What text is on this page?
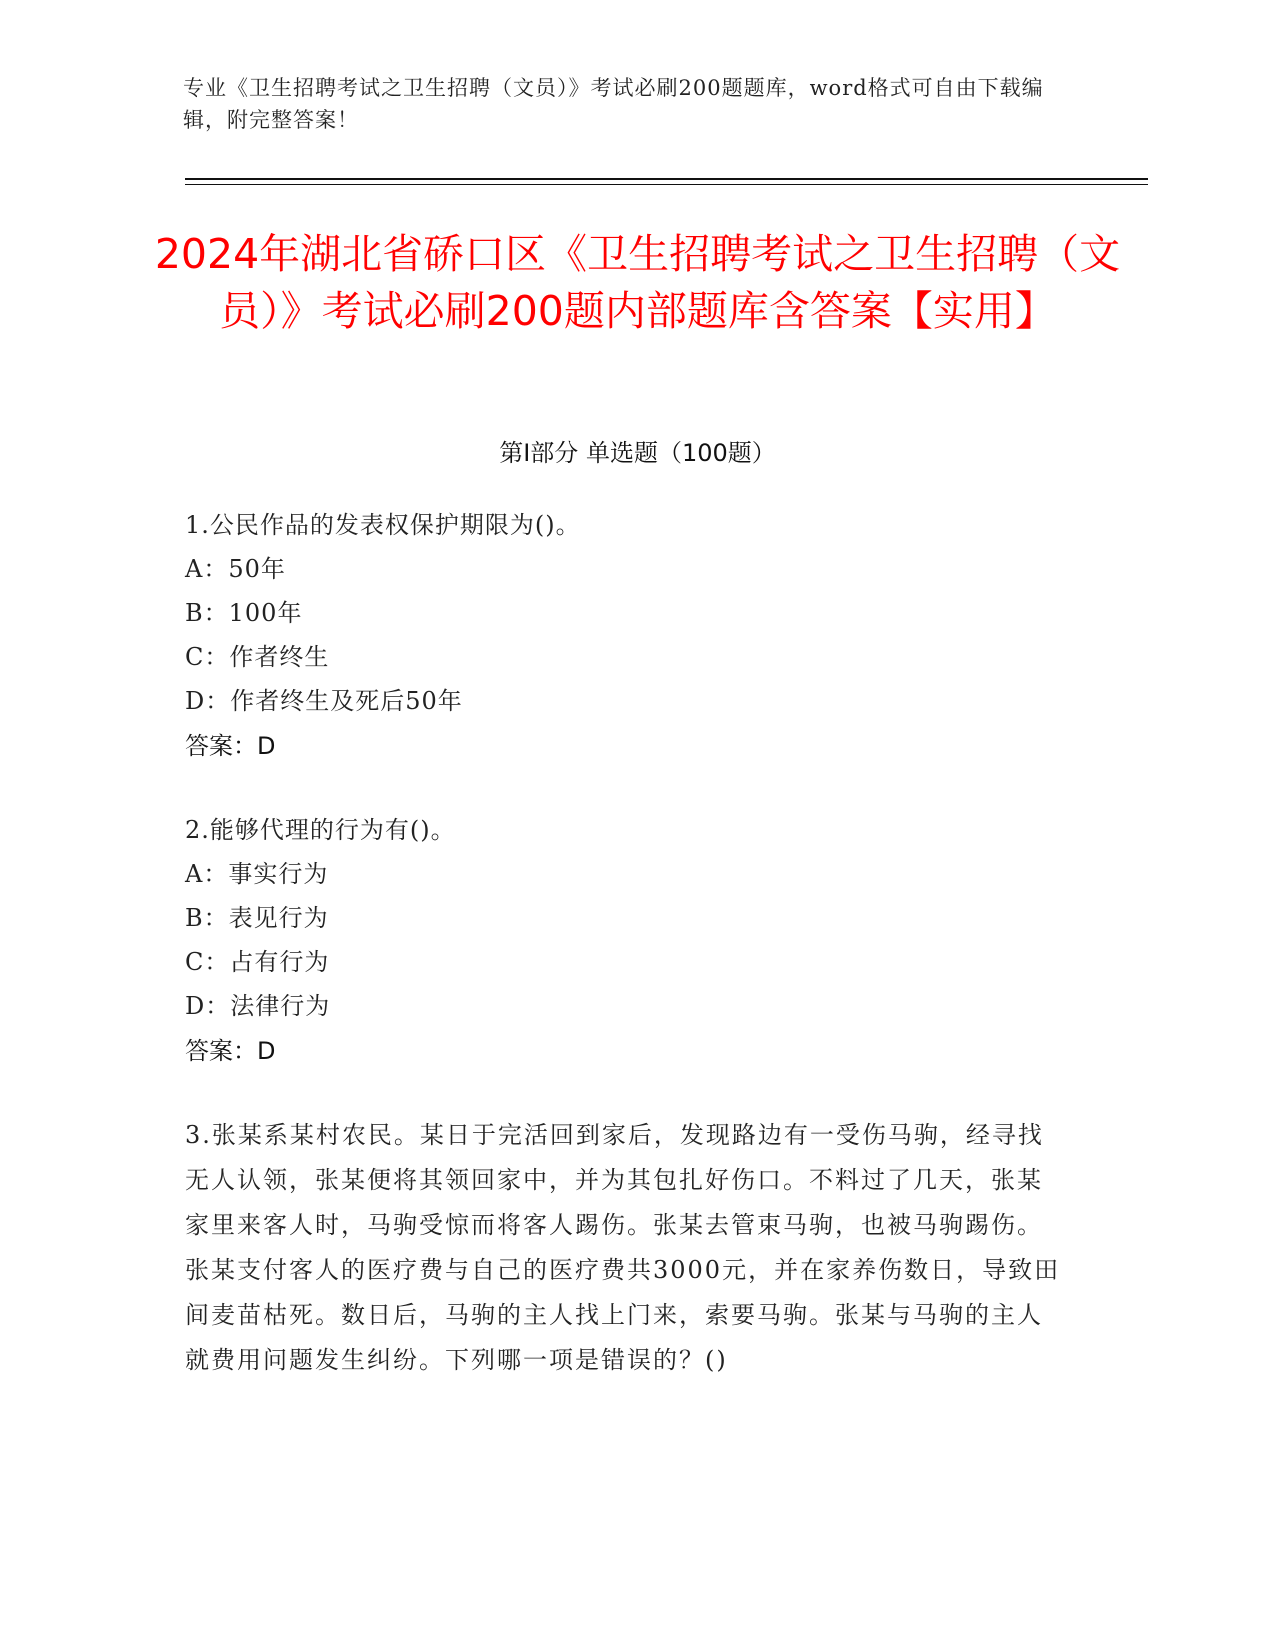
专业《卫生招聘考试之卫生招聘（文员）》考试必刷200题题库，word格式可自由下载编辑，附完整答案！
2024年湖北省硚口区《卫生招聘考试之卫生招聘（文员）》考试必刷200题内部题库含答案【实用】
第Ⅰ部分 单选题（100题）
1.公民作品的发表权保护期限为()。
A：50年
B：100年
C：作者终生
D：作者终生及死后50年
答案：D
2.能够代理的行为有()。
A：事实行为
B：表见行为
C：占有行为
D：法律行为
答案：D
3.张某系某村农民。某日于完活回到家后，发现路边有一受伤马驹，经寻找无人认领，张某便将其领回家中，并为其包扎好伤口。不料过了几天，张某家里来客人时，马驹受惊而将客人踢伤。张某去管束马驹，也被马驹踢伤。张某支付客人的医疗费与自己的医疗费共3000元，并在家养伤数日，导致田间麦苗枯死。数日后，马驹的主人找上门来，索要马驹。张某与马驹的主人就费用问题发生纠纷。下列哪一项是错误的？()
